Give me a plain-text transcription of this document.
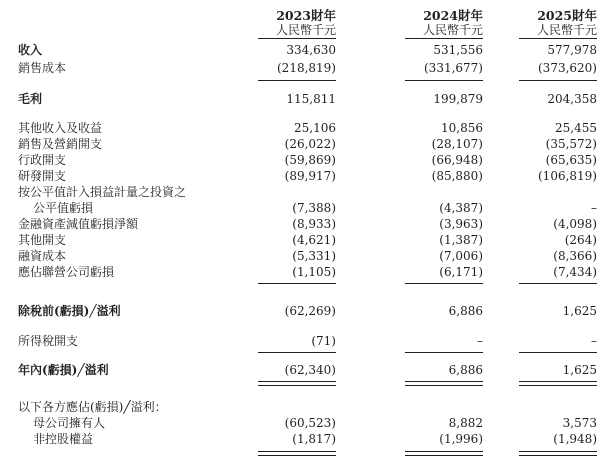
2023財年	2024財年	2025財年
人民幣千元	人民幣千元	人民幣千元
收入	334,630	531,556	577,978
銷售成本	(218,819)	(331,677)	(373,620)
毛利	115,811	199,879	204,358
其他收入及收益	25,106	10,856	25,455
銷售及營銷開支	(26,022)	(28,107)	(35,572)
行政開支	(59,869)	(66,948)	(65,635)
研發開支	(89,917)	(85,880)	(106,819)
按公平值計入損益計量之投資之
公平值虧損	(7,388)	(4,387)	–
金融資產減值虧損淨額	(8,933)	(3,963)	(4,098)
其他開支	(4,621)	(1,387)	(264)
融資成本	(5,331)	(7,006)	(8,366)
應佔聯營公司虧損	(1,105)	(6,171)	(7,434)
除稅前(虧損)╱溢利	(62,269)	6,886	1,625
所得稅開支	(71)	–	–
年內(虧損)╱溢利	(62,340)	6,886	1,625
以下各方應佔(虧損)╱溢利：
母公司擁有人	(60,523)	8,882	3,573
非控股權益	(1,817)	(1,996)	(1,948)
